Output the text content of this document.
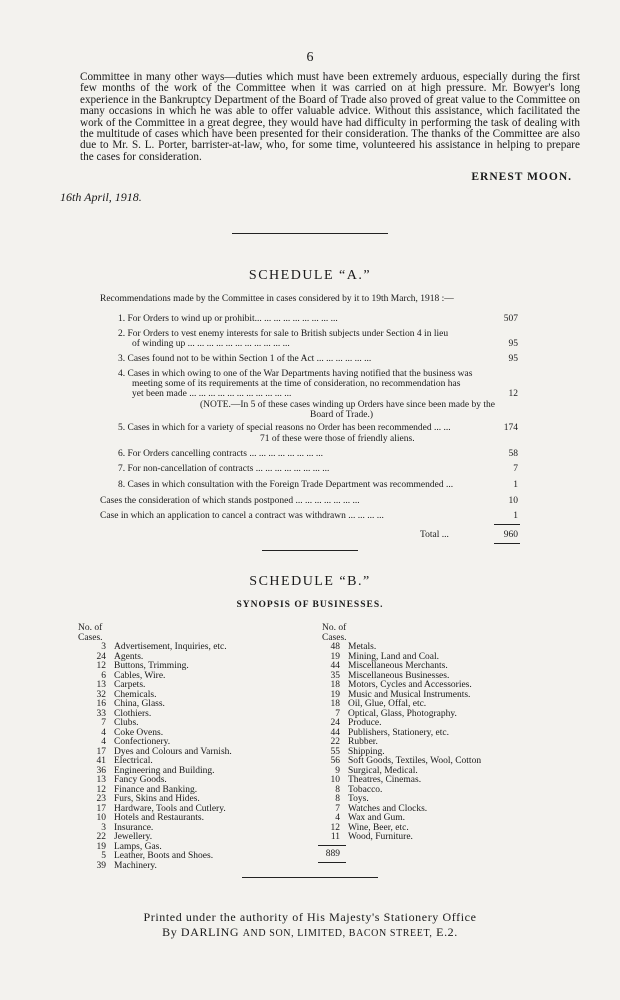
6

Committee in many other ways—duties which must have been extremely arduous, especially during the first few months of the work of the Committee when it was carried on at high pressure. Mr. Bowyer's long experience in the Bankruptcy Department of the Board of Trade also proved of great value to the Committee on many occasions in which he was able to offer valuable advice. Without this assistance, which facilitated the work of the Committee in a great degree, they would have had difficulty in performing the task of dealing with the multitude of cases which have been presented for their consideration. The thanks of the Committee are also due to Mr. S. L. Porter, barrister-at-law, who, for some time, volunteered his assistance in helping to prepare the cases for consideration.

ERNEST MOON.
16th April, 1918.
SCHEDULE “A.”
Recommendations made by the Committee in cases considered by it to 19th March, 1918 :—
1. For Orders to wind up or prohibit... ... ... ... ... ... ... ... ...	507
2. For Orders to vest enemy interests for sale to British subjects under Section 4 in lieu
of winding up ... ... ... ... ... ... ... ... ... ... ...	95
3. Cases found not to be within Section 1 of the Act ... ... ... ... ... ...	95
4. Cases in which owing to one of the War Departments having notified that the business was
meeting some of its requirements at the time of consideration, no recommendation has
yet been made ... ... ... ... ... ... ... ... ... ... ...	12
(NOTE.—In 5 of these cases winding up Orders have since been made by the
Board of Trade.)
5. Cases in which for a variety of special reasons no Order has been recommended ... ...	174
71 of these were those of friendly aliens.
6. For Orders cancelling contracts ... ... ... ... ... ... ... ...	58
7. For non-cancellation of contracts ... ... ... ... ... ... ... ...	7
8. Cases in which consultation with the Foreign Trade Department was recommended ...	1
Cases the consideration of which stands postponed ... ... ... ... ... ... ...	10
Case in which an application to cancel a contract was withdrawn ... ... ... ...	1
Total ...	960
SCHEDULE “B.”
SYNOPSIS OF BUSINESSES.
No. of
Cases.
No. of
Cases.
3 Advertisement, Inquiries, etc.
24 Agents.
12 Buttons, Trimming.
6 Cables, Wire.
13 Carpets.
32 Chemicals.
16 China, Glass.
33 Clothiers.
7 Clubs.
4 Coke Ovens.
4 Confectionery.
17 Dyes and Colours and Varnish.
41 Electrical.
36 Engineering and Building.
13 Fancy Goods.
12 Finance and Banking.
23 Furs, Skins and Hides.
17 Hardware, Tools and Cutlery.
10 Hotels and Restaurants.
3 Insurance.
22 Jewellery.
19 Lamps, Gas.
5 Leather, Boots and Shoes.
39 Machinery.
48 Metals.
19 Mining, Land and Coal.
44 Miscellaneous Merchants.
35 Miscellaneous Businesses.
18 Motors, Cycles and Accessories.
19 Music and Musical Instruments.
18 Oil, Glue, Offal, etc.
7 Optical, Glass, Photography.
24 Produce.
44 Publishers, Stationery, etc.
22 Rubber.
55 Shipping.
56 Soft Goods, Textiles, Wool, Cotton
9 Surgical, Medical.
10 Theatres, Cinemas.
8 Tobacco.
8 Toys.
7 Watches and Clocks.
4 Wax and Gum.
12 Wine, Beer, etc.
11 Wood, Furniture.
889
Printed under the authority of His Majesty's Stationery Office
By DARLING AND SON, LIMITED, BACON STREET, E.2.
